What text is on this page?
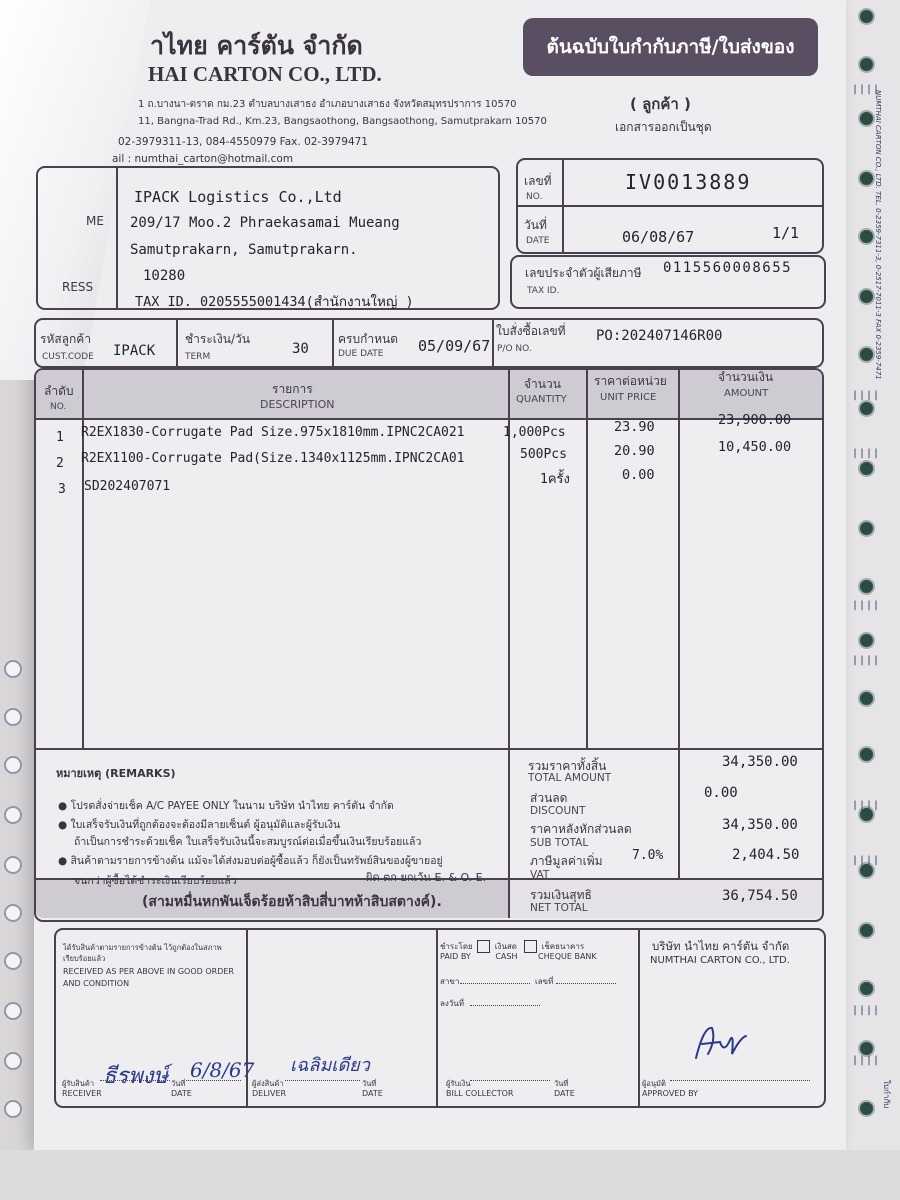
||||
||||
||||
||||
||||
||||
||||
||||
||||
NUMTHAI CARTON CO., LTD. TEL. 0-2359-7311-3, 0-2517-7011-3 FAX 0-2359-7471
ใบกำกับ
าไทย คาร์ตัน จำกัด
HAI CARTON CO., LTD.
1 ถ.บางนา-ตราด กม.23 ตำบลบางเสาธง อำเภอบางเสาธง จังหวัดสมุทรปราการ 10570
11, Bangna-Trad Rd., Km.23, Bangsaothong, Bangsaothong, Samutprakarn 10570
02-3979311-13, 084-4550979 Fax. 02-3979471
ail : numthai_carton@hotmail.com
ต้นฉบับใบกำกับภาษี/ใบส่งของ
( ลูกค้า )
เอกสารออกเป็นชุด
ME
RESS
IPACK Logistics Co.,Ltd
209/17 Moo.2 Phraekasamai Mueang
Samutprakarn, Samutprakarn.
10280
TAX ID. 0205555001434(สำนักงานใหญ่ )
เลขที่
NO.
IV0013889
วันที่
DATE	06/08/67	1/1
เลขประจำตัวผู้เสียภาษี
TAX ID.
0115560008655
รหัสลูกค้า
CUST.CODE IPACK
ชำระเงิน/วัน
TERM	30
ครบกำหนด
DUE DATE 05/09/67
ใบสั่งซื้อเลขที่
P/O NO.
PO:202407146R00
ลำดับ
NO.
รายการ
DESCRIPTION
จำนวน
QUANTITY
ราคาต่อหน่วย
UNIT PRICE
จำนวนเงิน
AMOUNT
1 R2EX1830-Corrugate Pad Size.975x1810mm.IPNC2CA021	1,000Pcs	23.90	23,900.00
2 R2EX1100-Corrugate Pad(Size.1340x1125mm.IPNC2CA01	500Pcs	20.90	10,450.00
3 SD202407071	1ครั้ง	0.00
หมายเหตุ (REMARKS)
● โปรดสั่งจ่ายเช็ค A/C PAYEE ONLY ในนาม บริษัท นำไทย คาร์ตัน จำกัด
● ใบเสร็จรับเงินที่ถูกต้องจะต้องมีลายเซ็นต์ ผู้อนุมัติและผู้รับเงิน
ถ้าเป็นการชำระด้วยเช็ค ใบเสร็จรับเงินนี้จะสมบูรณ์ต่อเมื่อขึ้นเงินเรียบร้อยแล้ว
● สินค้าตามรายการข้างต้น แม้จะได้ส่งมอบต่อผู้ซื้อแล้ว ก็ยังเป็นทรัพย์สินของผู้ขายอยู่
จนกว่าผู้ซื้อได้ชำระเงินเรียบร้อยแล้ว	ผิด ตก ยกเว้น E. & O. E.
(สามหมื่นหกพันเจ็ดร้อยห้าสิบสี่บาทห้าสิบสตางค์).
รวมราคาทั้งสิ้น
TOTAL AMOUNT
34,350.00
ส่วนลด
DISCOUNT
0.00
ราคาหลังหักส่วนลด
SUB TOTAL
34,350.00
ภาษีมูลค่าเพิ่ม
VAT
7.0%	2,404.50
รวมเงินสุทธิ
NET TOTAL
36,754.50
ได้รับสินค้าตามรายการข้างต้น ไว้ถูกต้องในสภาพ
เรียบร้อยแล้ว
RECEIVED AS PER ABOVE IN GOOD ORDER
AND CONDITION
ชำระโดย	เงินสด	เช็คธนาคาร
PAID BY	CASH	CHEQUE BANK
สาขา	เลขที่
ลงวันที่
บริษัท นำไทย คาร์ตัน จำกัด
NUMTHAI CARTON CO., LTD.
ธีรพงษ์ 6/8/67 เฉลิมเดียว
ผู้รับสินค้า
RECEIVER
วันที่
DATE
ผู้ส่งสินค้า
DELIVER
วันที่
DATE
ผู้รับเงิน
BILL COLLECTOR
วันที่
DATE
ผู้อนุมัติ
APPROVED BY
